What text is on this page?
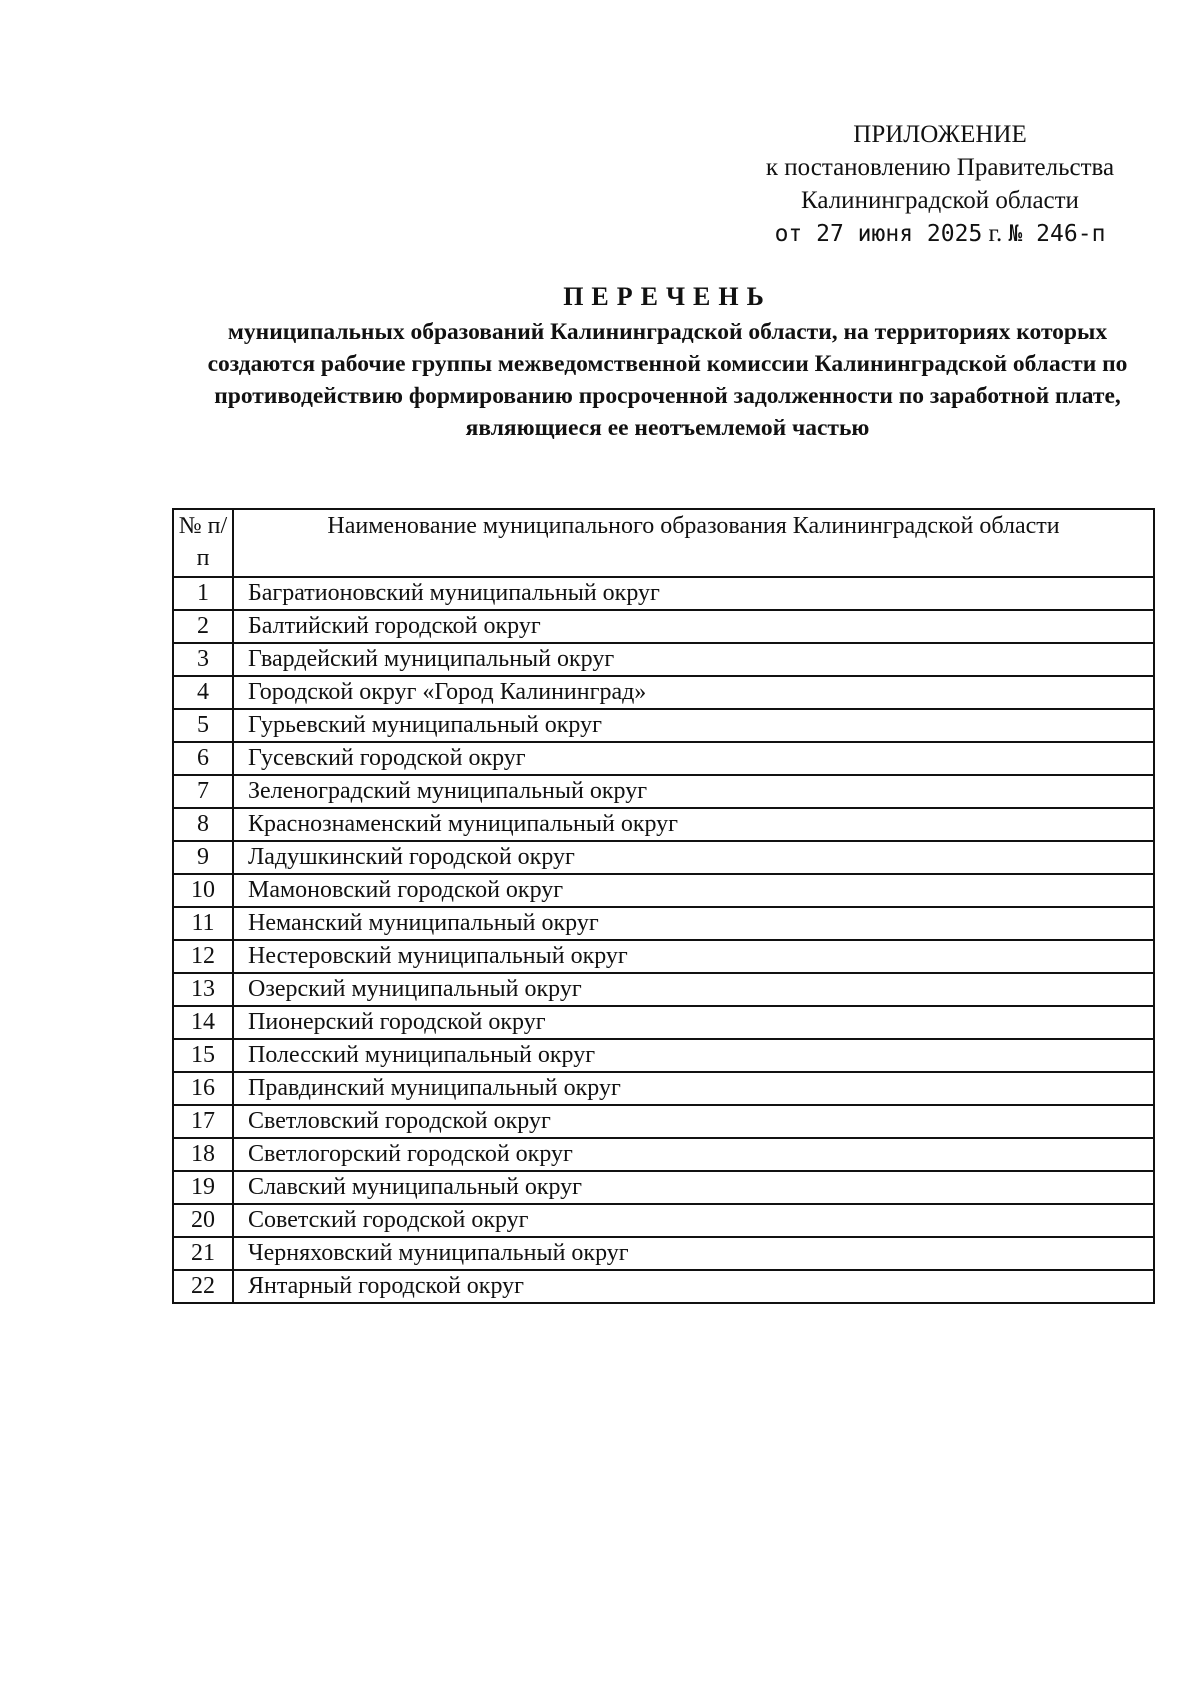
ПРИЛОЖЕНИЕ
к постановлению Правительства
Калининградской области
от 27 июня 2025 г. № 246-п
ПЕРЕЧЕНЬ
муниципальных образований Калининградской области, на территориях которых создаются рабочие группы межведомственной комиссии Калининградской области по противодействию формированию просроченной задолженности по заработной плате, являющиеся ее неотъемлемой частью
№ п/п	Наименование муниципального образования Калининградской области
1	Багратионовский муниципальный округ
2	Балтийский городской округ
3	Гвардейский муниципальный округ
4	Городской округ «Город Калининград»
5	Гурьевский муниципальный округ
6	Гусевский городской округ
7	Зеленоградский муниципальный округ
8	Краснознаменский муниципальный округ
9	Ладушкинский городской округ
10	Мамоновский городской округ
11	Неманский муниципальный округ
12	Нестеровский муниципальный округ
13	Озерский муниципальный округ
14	Пионерский городской округ
15	Полесский муниципальный округ
16	Правдинский муниципальный округ
17	Светловский городской округ
18	Светлогорский городской округ
19	Славский муниципальный округ
20	Советский городской округ
21	Черняховский муниципальный округ
22	Янтарный городской округ
